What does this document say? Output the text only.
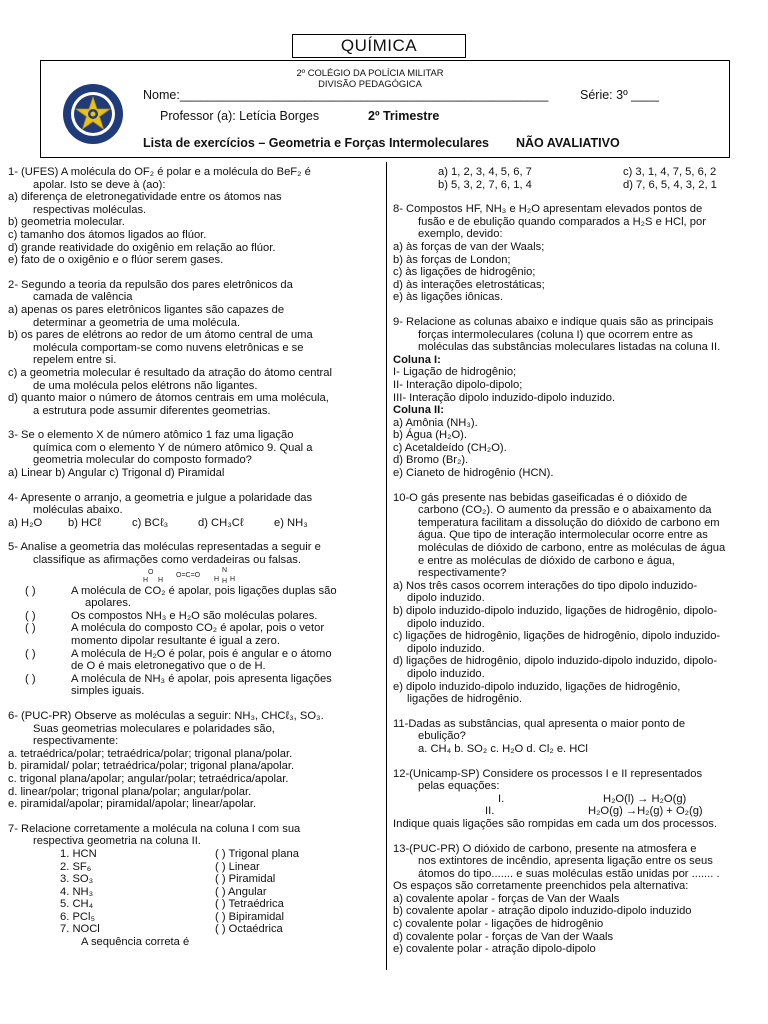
QUÍMICA
2º COLÉGIO DA POLÍCIA MILITAR
DIVISÃO PEDAGÓGICA
Nome:_____________________________________________________	Série: 3º ____
Professor (a): Letícia Borges	2º Trimestre
Lista de exercícios – Geometria e Forças Intermoleculares NÃO AVALIATIVO
1- (UFES) A molécula do OF₂ é polar e a molécula do BeF₂ é
apolar. Isto se deve à (ao):
a) diferença de eletronegatividade entre os átomos nas
respectivas moléculas.
b) geometria molecular.
c) tamanho dos átomos ligados ao flúor.
d) grande reatividade do oxigênio em relação ao flúor.
e) fato de o oxigênio e o flúor serem gases.
2- Segundo a teoria da repulsão dos pares eletrônicos da
camada de valência
a) apenas os pares eletrônicos ligantes são capazes de
determinar a geometria de uma molécula.
b) os pares de elétrons ao redor de um átomo central de uma
molécula comportam-se como nuvens eletrônicas e se
repelem entre si.
c) a geometria molecular é resultado da atração do átomo central
de uma molécula pelos elétrons não ligantes.
d) quanto maior o número de átomos centrais em uma molécula,
a estrutura pode assumir diferentes geometrias.
3- Se o elemento X de número atômico 1 faz uma ligação
química com o elemento Y de número atômico 9. Qual a
geometria molecular do composto formado?
a) Linear b) Angular c) Trigonal d) Piramidal
4- Apresente o arranjo, a geometria e julgue a polaridade das
moléculas abaixo.
a) H₂O	b) HCℓ	c) BCℓ₃	d) CH₃Cℓ	e) NH₃
5- Analise a geometria das moléculas representadas a seguir e
classifique as afirmações como verdadeiras ou falsas.
O
H H
O=C=O
N
H H H
( )	A molécula de CO₂ é apolar, pois ligações duplas são
apolares.
( )	Os compostos NH₃ e H₂O são moléculas polares.
( )	A molécula do composto CO₂ é apolar, pois o vetor
momento dipolar resultante é igual a zero.
( )	A molécula de H₂O é polar, pois é angular e o átomo
de O é mais eletronegativo que o de H.
( )	A molécula de NH₃ é apolar, pois apresenta ligações
simples iguais.
6- (PUC-PR) Observe as moléculas a seguir: NH₃, CHCℓ₃, SO₃.
Suas geometrias moleculares e polaridades são,
respectivamente:
a. tetraédrica/polar; tetraédrica/polar; trigonal plana/polar.
b. piramidal/ polar; tetraédrica/polar; trigonal plana/apolar.
c. trigonal plana/apolar; angular/polar; tetraédrica/apolar.
d. linear/polar; trigonal plana/polar; angular/polar.
e. piramidal/apolar; piramidal/apolar; linear/apolar.
7- Relacione corretamente a molécula na coluna I com sua
respectiva geometria na coluna II.
1. HCN	( ) Trigonal plana
2. SF₆	( ) Linear
3. SO₃	( ) Piramidal
4. NH₃	( ) Angular
5. CH₄	( ) Tetraédrica
6. PCl₅	( ) Bipiramidal
7. NOCl	( ) Octaédrica
A sequência correta é
a) 1, 2, 3, 4, 5, 6, 7	c) 3, 1, 4, 7, 5, 6, 2
b) 5, 3, 2, 7, 6, 1, 4	d) 7, 6, 5, 4, 3, 2, 1
8- Compostos HF, NH₃ e H₂O apresentam elevados pontos de
fusão e de ebulição quando comparados a H₂S e HCl, por
exemplo, devido:
a) às forças de van der Waals;
b) às forças de London;
c) às ligações de hidrogênio;
d) às interações eletrostáticas;
e) às ligações iônicas.
9- Relacione as colunas abaixo e indique quais são as principais
forças intermoleculares (coluna I) que ocorrem entre as
moléculas das substâncias moleculares listadas na coluna II.
Coluna I:
I- Ligação de hidrogênio;
II- Interação dipolo-dipolo;
III- Interação dipolo induzido-dipolo induzido.
Coluna II:
a) Amônia (NH₃).
b) Água (H₂O).
c) Acetaldeído (CH₂O).
d) Bromo (Br₂).
e) Cianeto de hidrogênio (HCN).
10-O gás presente nas bebidas gaseificadas é o dióxido de
carbono (CO₂). O aumento da pressão e o abaixamento da
temperatura facilitam a dissolução do dióxido de carbono em
água. Que tipo de interação intermolecular ocorre entre as
moléculas de dióxido de carbono, entre as moléculas de água
e entre as moléculas de dióxido de carbono e água,
respectivamente?
a) Nos três casos ocorrem interações do tipo dipolo induzido-
dipolo induzido.
b) dipolo induzido-dipolo induzido, ligações de hidrogênio, dipolo-
dipolo induzido.
c) ligações de hidrogênio, ligações de hidrogênio, dipolo induzido-
dipolo induzido.
d) ligações de hidrogênio, dipolo induzido-dipolo induzido, dipolo-
dipolo induzido.
e) dipolo induzido-dipolo induzido, ligações de hidrogênio,
ligações de hidrogênio.
11-Dadas as substâncias, qual apresenta o maior ponto de
ebulição?
a. CH₄ b. SO₂ c. H₂O d. Cl₂ e. HCl
12-(Unicamp-SP) Considere os processos I e II representados
pelas equações:
I.	H₂O(l) → H₂O(g)
II.	H₂O(g) →H₂(g) + O₂(g)
Indique quais ligações são rompidas em cada um dos processos.
13-(PUC-PR) O dióxido de carbono, presente na atmosfera e
nos extintores de incêndio, apresenta ligação entre os seus
átomos do tipo....... e suas moléculas estão unidas por ....... .
Os espaços são corretamente preenchidos pela alternativa:
a) covalente apolar - forças de Van der Waals
b) covalente apolar - atração dipolo induzido-dipolo induzido
c) covalente polar - ligações de hidrogênio
d) covalente polar - forças de Van der Waals
e) covalente polar - atração dipolo-dipolo
